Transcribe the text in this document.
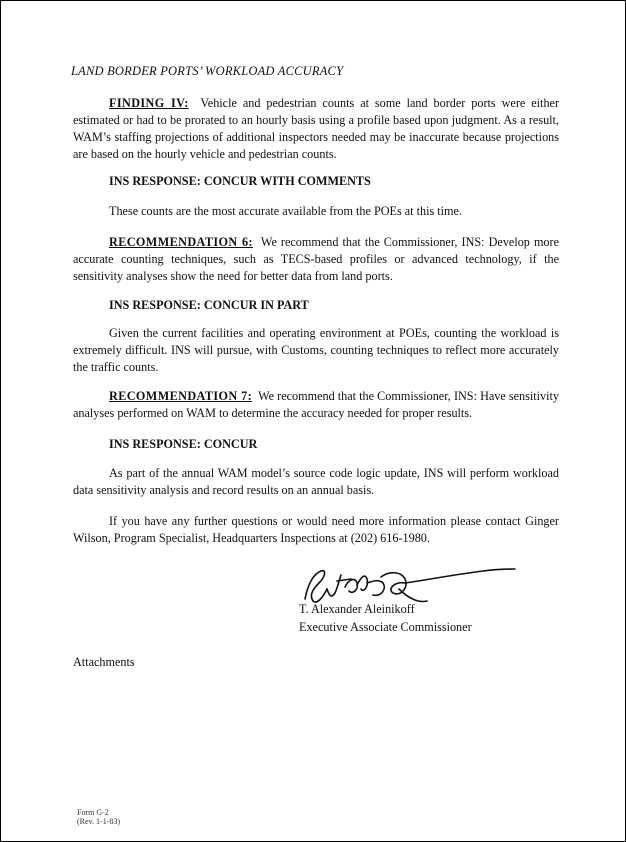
LAND BORDER PORTS’ WORKLOAD ACCURACY
FINDING IV: Vehicle and pedestrian counts at some land border ports were either estimated or had to be prorated to an hourly basis using a profile based upon judgment. As a result, WAM’s staffing projections of additional inspectors needed may be inaccurate because projections are based on the hourly vehicle and pedestrian counts.
INS RESPONSE: CONCUR WITH COMMENTS
These counts are the most accurate available from the POEs at this time.
RECOMMENDATION 6: We recommend that the Commissioner, INS: Develop more accurate counting techniques, such as TECS-based profiles or advanced technology, if the sensitivity analyses show the need for better data from land ports.
INS RESPONSE: CONCUR IN PART
Given the current facilities and operating environment at POEs, counting the workload is extremely difficult. INS will pursue, with Customs, counting techniques to reflect more accurately the traffic counts.
RECOMMENDATION 7: We recommend that the Commissioner, INS: Have sensitivity analyses performed on WAM to determine the accuracy needed for proper results.
INS RESPONSE: CONCUR
As part of the annual WAM model’s source code logic update, INS will perform workload data sensitivity analysis and record results on an annual basis.
If you have any further questions or would need more information please contact Ginger Wilson, Program Specialist, Headquarters Inspections at (202) 616-1980.
T. Alexander Aleinikoff
Executive Associate Commissioner
Attachments
Form G-2
(Rev. 1-1-83)
